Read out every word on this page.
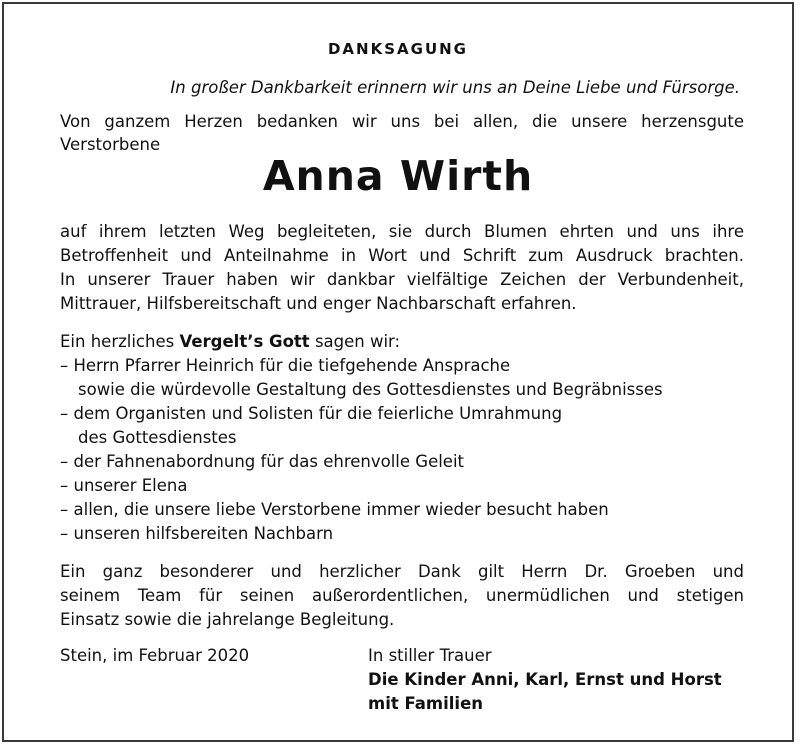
DANKSAGUNG
In großer Dankbarkeit erinnern wir uns an Deine Liebe und Fürsorge.
Von ganzem Herzen bedanken wir uns bei allen, die unsere herzensgute
Verstorbene
Anna Wirth
auf ihrem letzten Weg begleiteten, sie durch Blumen ehrten und uns ihre
Betroffenheit und Anteilnahme in Wort und Schrift zum Ausdruck brachten.
In unserer Trauer haben wir dankbar vielfältige Zeichen der Verbundenheit,
Mittrauer, Hilfsbereitschaft und enger Nachbarschaft erfahren.
Ein herzliches Vergelt’s Gott sagen wir:
– Herrn Pfarrer Heinrich für die tiefgehende Ansprache
sowie die würdevolle Gestaltung des Gottesdienstes und Begräbnisses
– dem Organisten und Solisten für die feierliche Umrahmung
des Gottesdienstes
– der Fahnenabordnung für das ehrenvolle Geleit
– unserer Elena
– allen, die unsere liebe Verstorbene immer wieder besucht haben
– unseren hilfsbereiten Nachbarn
Ein ganz besonderer und herzlicher Dank gilt Herrn Dr. Groeben und
seinem Team für seinen außerordentlichen, unermüdlichen und stetigen
Einsatz sowie die jahrelange Begleitung.
Stein, im Februar 2020	In stiller Trauer
Die Kinder Anni, Karl, Ernst und Horst
mit Familien
